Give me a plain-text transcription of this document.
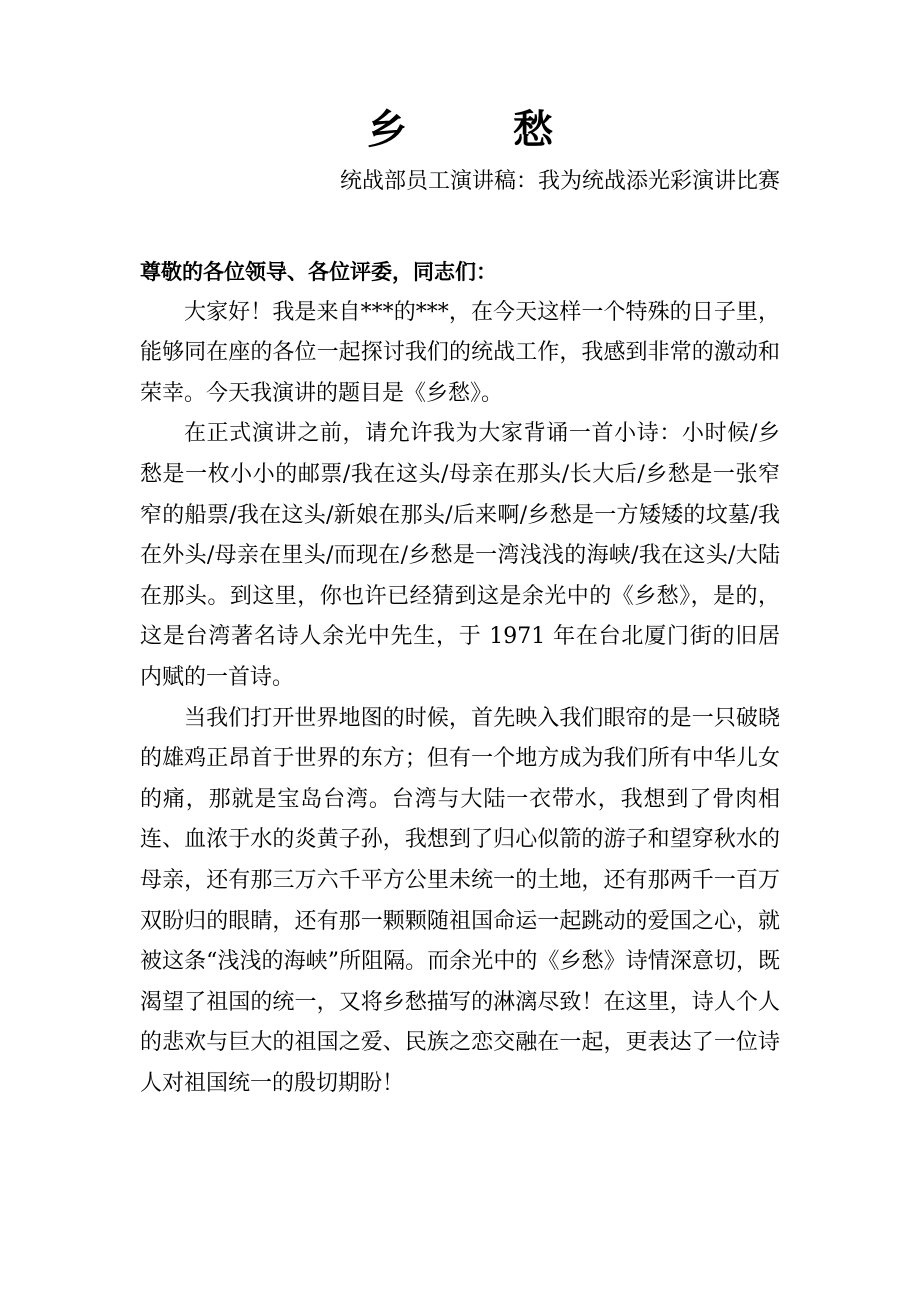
乡 愁
统战部员工演讲稿：我为统战添光彩演讲比赛

尊敬的各位领导、各位评委，同志们：

大家好！我是来自***的***，在今天这样一个特殊的日子里，能够同在座的各位一起探讨我们的统战工作，我感到非常的激动和荣幸。今天我演讲的题目是《乡愁》。

在正式演讲之前，请允许我为大家背诵一首小诗：小时候/乡愁是一枚小小的邮票/我在这头/母亲在那头/长大后/乡愁是一张窄窄的船票/我在这头/新娘在那头/后来啊/乡愁是一方矮矮的坟墓/我在外头/母亲在里头/而现在/乡愁是一湾浅浅的海峡/我在这头/大陆在那头。到这里，你也许已经猜到这是余光中的《乡愁》，是的，这是台湾著名诗人余光中先生，于 1971 年在台北厦门街的旧居内赋的一首诗。

当我们打开世界地图的时候，首先映入我们眼帘的是一只破晓的雄鸡正昂首于世界的东方；但有一个地方成为我们所有中华儿女的痛，那就是宝岛台湾。台湾与大陆一衣带水，我想到了骨肉相连、血浓于水的炎黄子孙，我想到了归心似箭的游子和望穿秋水的母亲，还有那三万六千平方公里未统一的土地，还有那两千一百万双盼归的眼睛，还有那一颗颗随祖国命运一起跳动的爱国之心，就被这条“浅浅的海峡”所阻隔。而余光中的《乡愁》诗情深意切，既渴望了祖国的统一，又将乡愁描写的淋漓尽致！在这里，诗人个人的悲欢与巨大的祖国之爱、民族之恋交融在一起，更表达了一位诗人对祖国统一的殷切期盼！
